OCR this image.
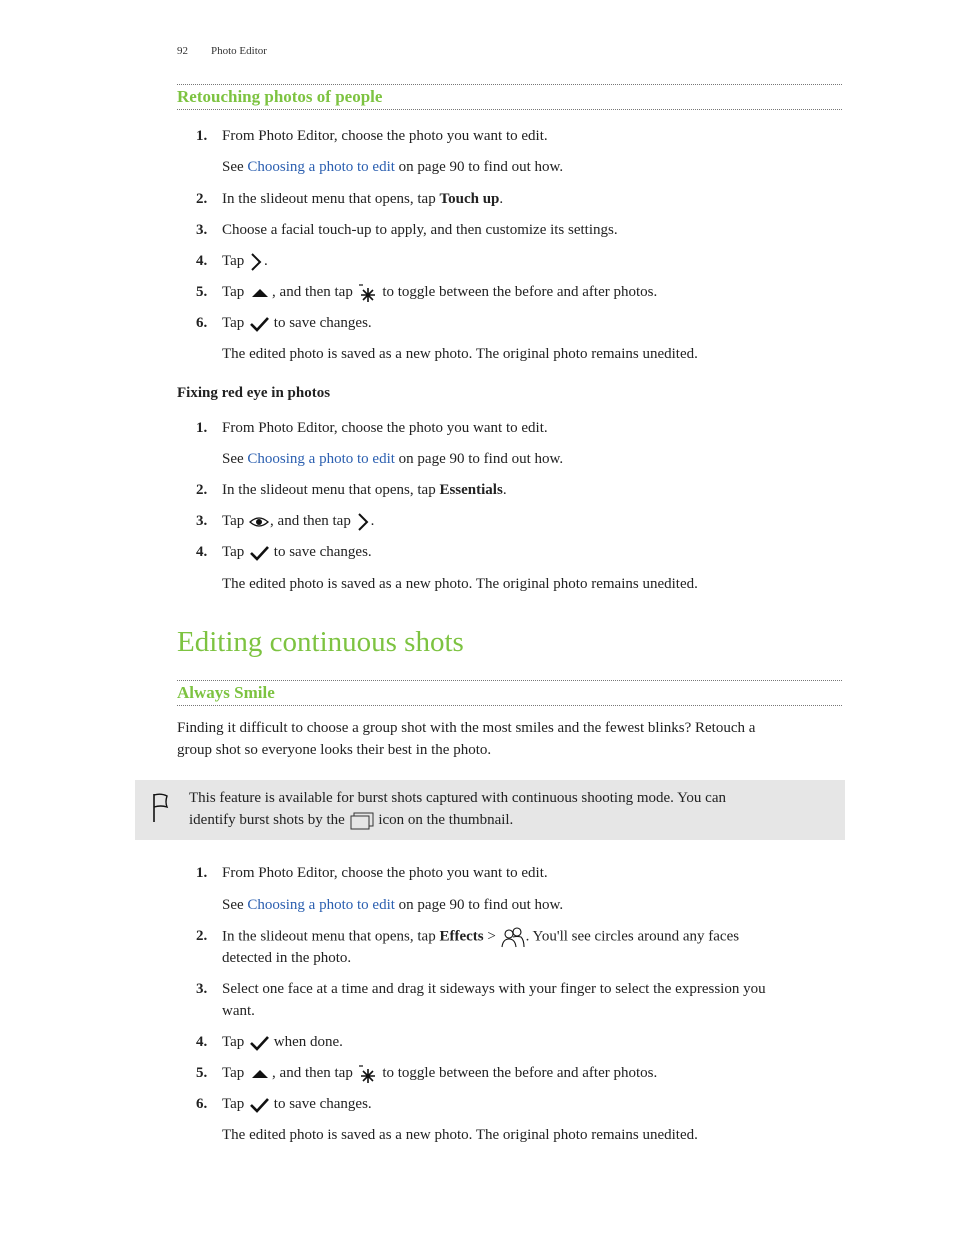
92 Photo Editor
Retouching photos of people
1. From Photo Editor, choose the photo you want to edit.
See Choosing a photo to edit on page 90 to find out how.
2. In the slideout menu that opens, tap Touch up.
3. Choose a facial touch-up to apply, and then customize its settings.
4. Tap .
5. Tap , and then tap to toggle between the before and after photos.
6. Tap to save changes.
The edited photo is saved as a new photo. The original photo remains unedited.
Fixing red eye in photos
1. From Photo Editor, choose the photo you want to edit.
See Choosing a photo to edit on page 90 to find out how.
2. In the slideout menu that opens, tap Essentials.
3. Tap , and then tap .
4. Tap to save changes.
The edited photo is saved as a new photo. The original photo remains unedited.
Editing continuous shots
Always Smile
Finding it difficult to choose a group shot with the most smiles and the fewest blinks? Retouch a
group shot so everyone looks their best in the photo.
This feature is available for burst shots captured with continuous shooting mode. You can
identify burst shots by the icon on the thumbnail.
1. From Photo Editor, choose the photo you want to edit.
See Choosing a photo to edit on page 90 to find out how.
2. In the slideout menu that opens, tap Effects > . You'll see circles around any faces
detected in the photo.
3. Select one face at a time and drag it sideways with your finger to select the expression you
want.
4. Tap when done.
5. Tap , and then tap to toggle between the before and after photos.
6. Tap to save changes.
The edited photo is saved as a new photo. The original photo remains unedited.
